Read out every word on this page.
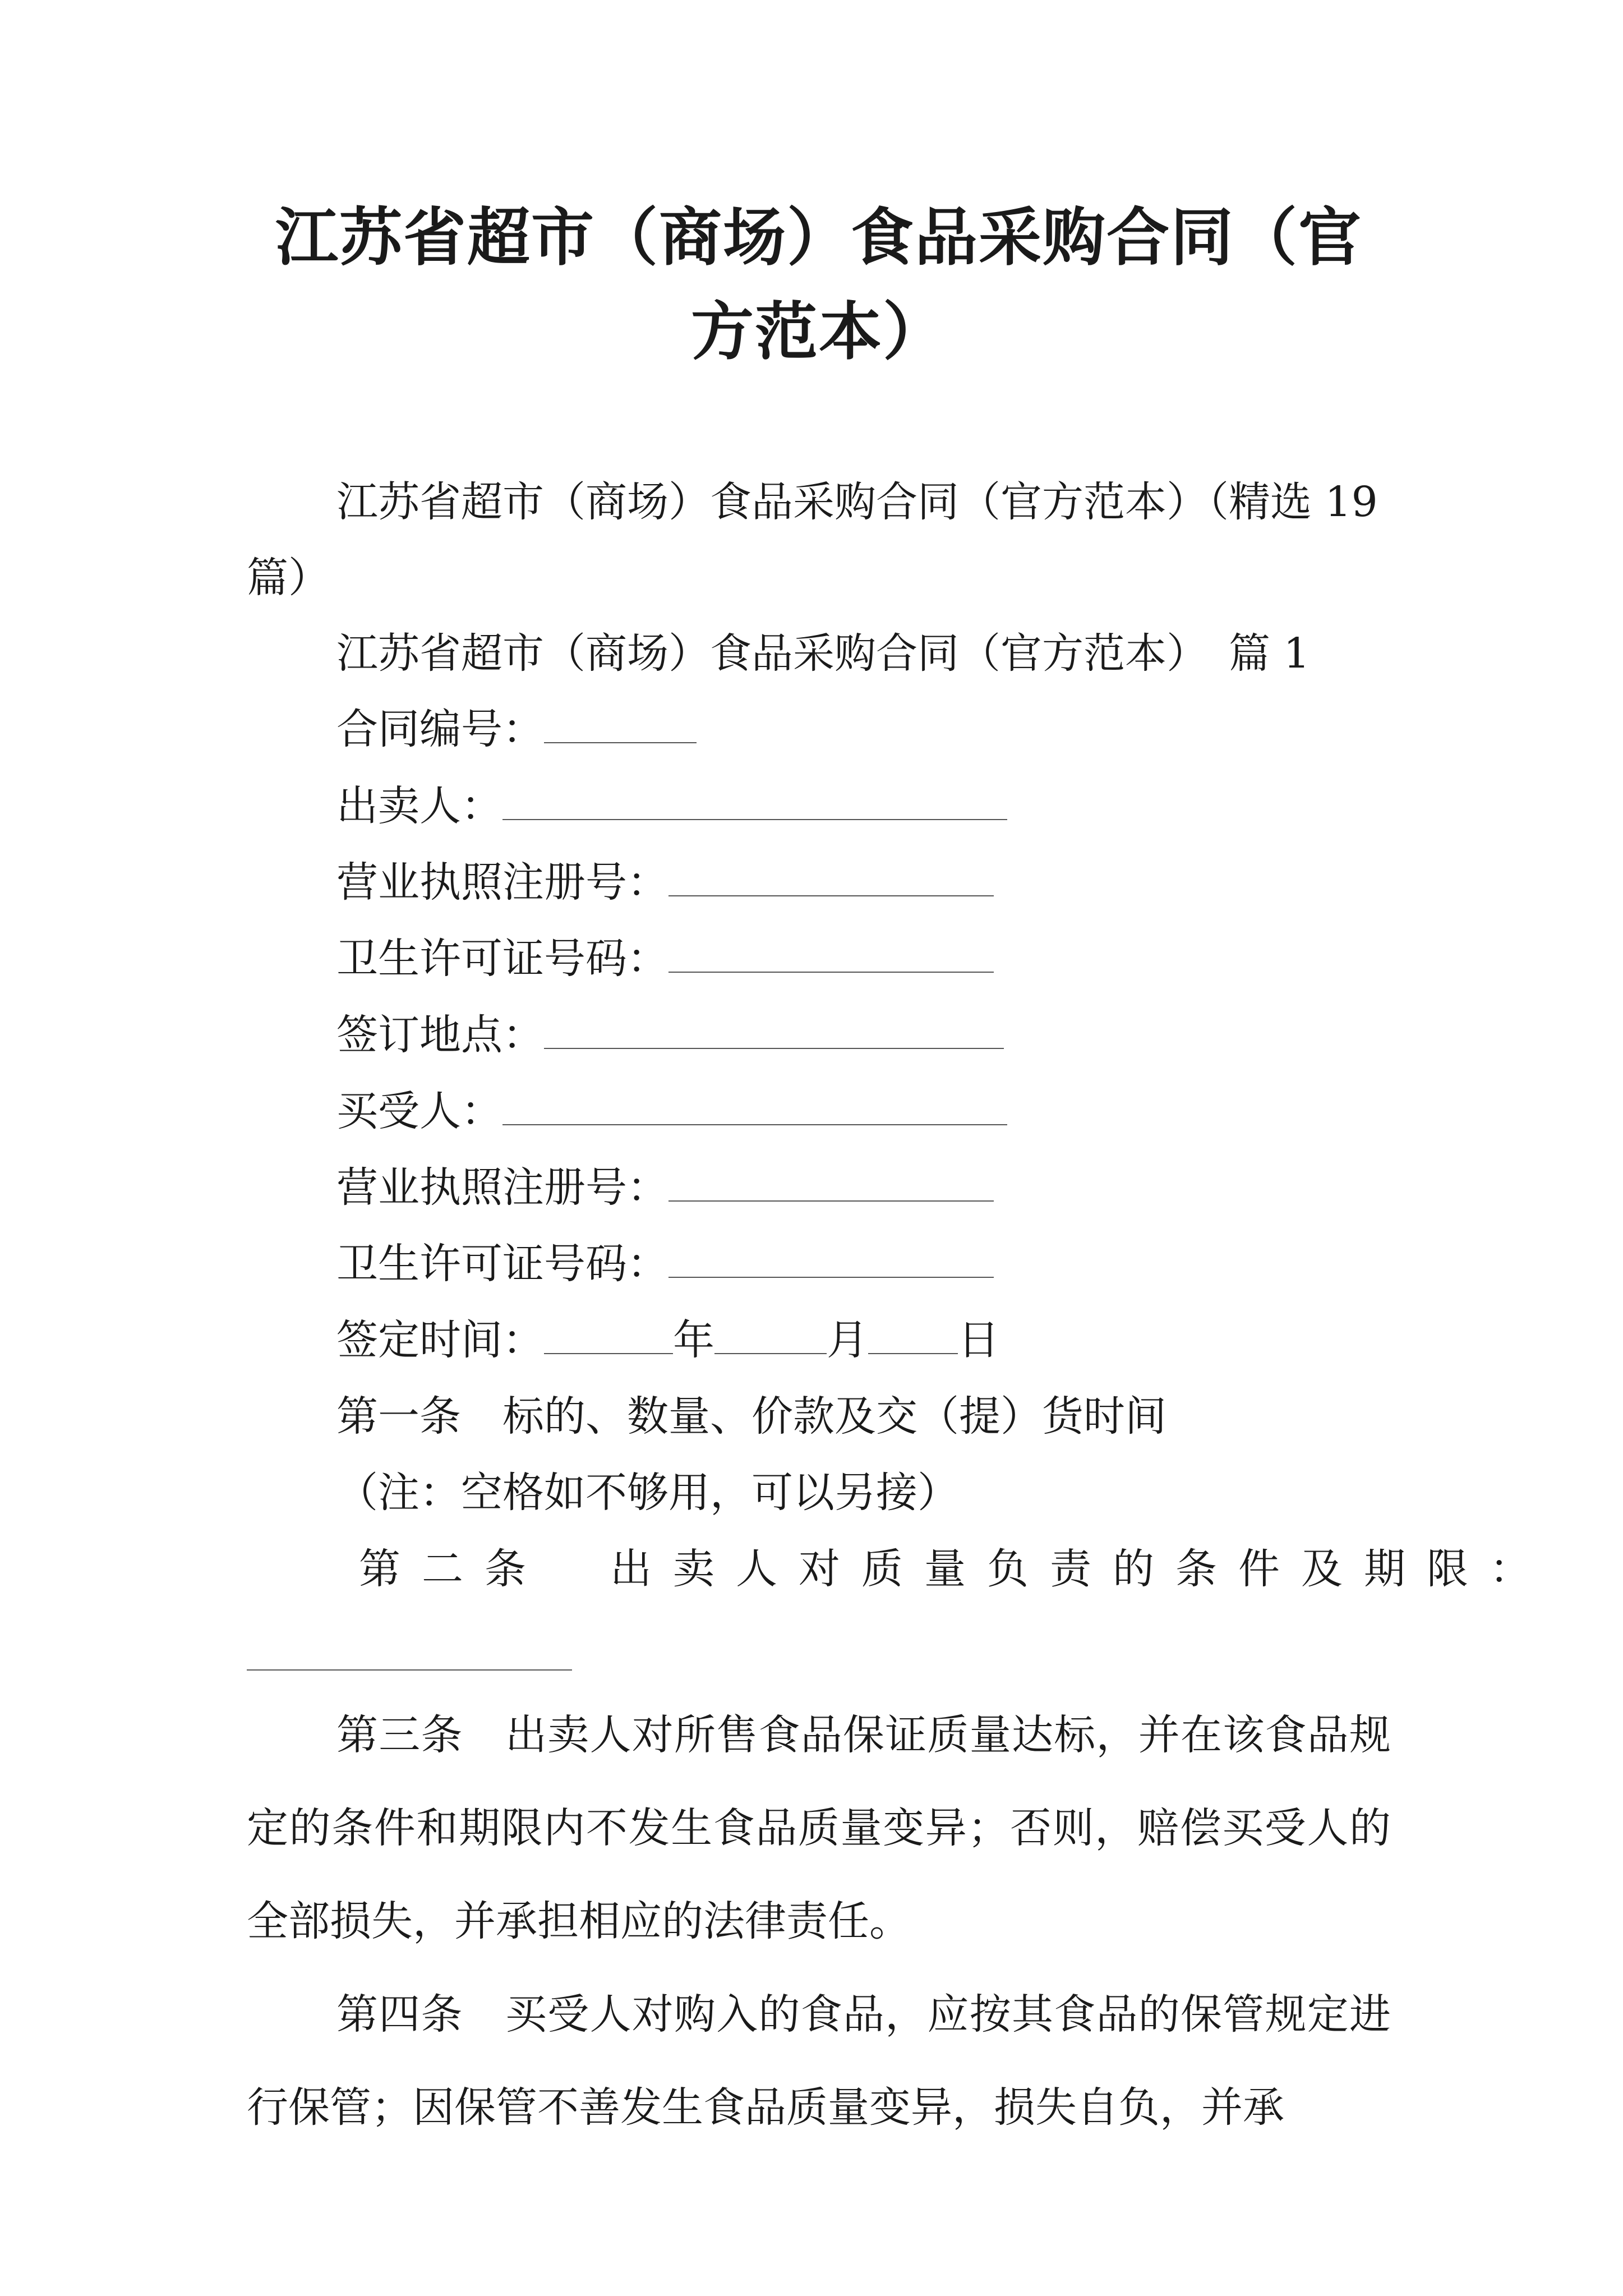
江苏省超市（商场）食品采购合同（官方范本）
江苏省超市（商场）食品采购合同（官方范本）（精选 19
篇）
江苏省超市（商场）食品采购合同（官方范本）　篇 1
合同编号：
出卖人：
营业执照注册号：
卫生许可证号码：
签订地点：
买受人：
营业执照注册号：
卫生许可证号码：
签定时间：	年	月 日
第一条　标的、数量、价款及交（提）货时间
（注：空格如不够用，可以另接）
第二条　出卖人对质量负责的条件及期限：
第三条　出卖人对所售食品保证质量达标，并在该食品规定的条件和期限内不发生食品质量变异；否则，赔偿买受人的全部损失，并承担相应的法律责任。
第四条　买受人对购入的食品，应按其食品的保管规定进行保管；因保管不善发生食品质量变异，损失自负，并承
